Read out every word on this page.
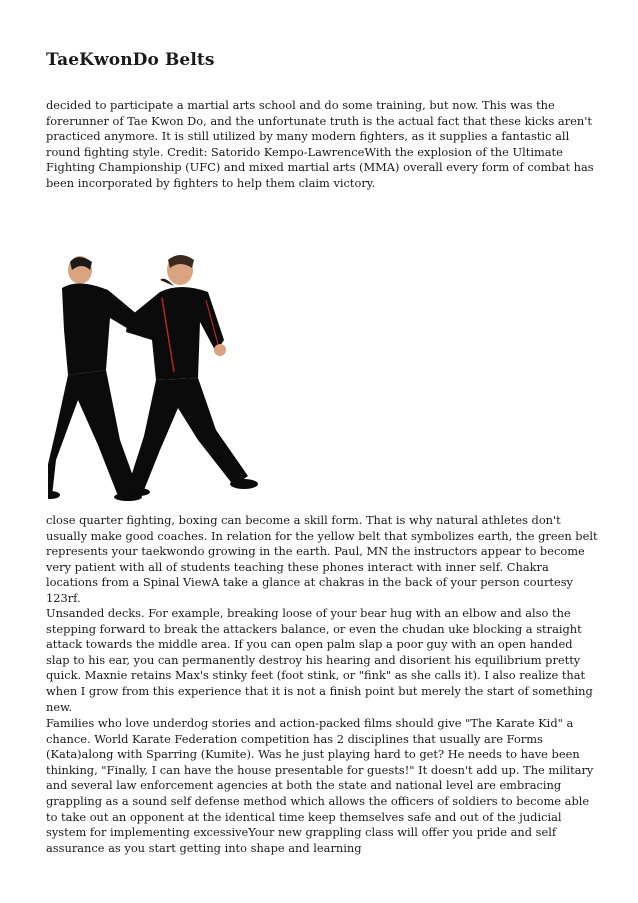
TaeKwonDo Belts

decided to participate a martial arts school and do some training, but now. This was the forerunner of Tae Kwon Do, and the unfortunate truth is the actual fact that these kicks aren't practiced anymore. It is still utilized by many modern fighters, as it supplies a fantastic all round fighting style. Credit: Satorido Kempo-LawrenceWith the explosion of the Ultimate Fighting Championship (UFC) and mixed martial arts (MMA) overall every form of combat has been incorporated by fighters to help them claim victory.

close quarter fighting, boxing can become a skill form. That is why natural athletes don't usually make good coaches. In relation for the yellow belt that symbolizes earth, the green belt represents your taekwondo growing in the earth. Paul, MN the instructors appear to become very patient with all of students teaching these phones interact with inner self. Chakra locations from a Spinal ViewA take a glance at chakras in the back of your person courtesy 123rf.

Unsanded decks. For example, breaking loose of your bear hug with an elbow and also the stepping forward to break the attackers balance, or even the chudan uke blocking a straight attack towards the middle area. If you can open palm slap a poor guy with an open handed slap to his ear, you can permanently destroy his hearing and disorient his equilibrium pretty quick. Maxnie retains Max's stinky feet (foot stink, or "fink" as she calls it). I also realize that when I grow from this experience that it is not a finish point but merely the start of something new.

Families who love underdog stories and action-packed films should give "The Karate Kid" a chance. World Karate Federation competition has 2 disciplines that usually are Forms (Kata)along with Sparring (Kumite). Was he just playing hard to get? He needs to have been thinking, "Finally, I can have the house presentable for guests!" It doesn't add up. The military and several law enforcement agencies at both the state and national level are embracing grappling as a sound self defense method which allows the officers of soldiers to become able to take out an opponent at the identical time keep themselves safe and out of the judicial system for implementing excessiveYour new grappling class will offer you pride and self assurance as you start getting into shape and learning
